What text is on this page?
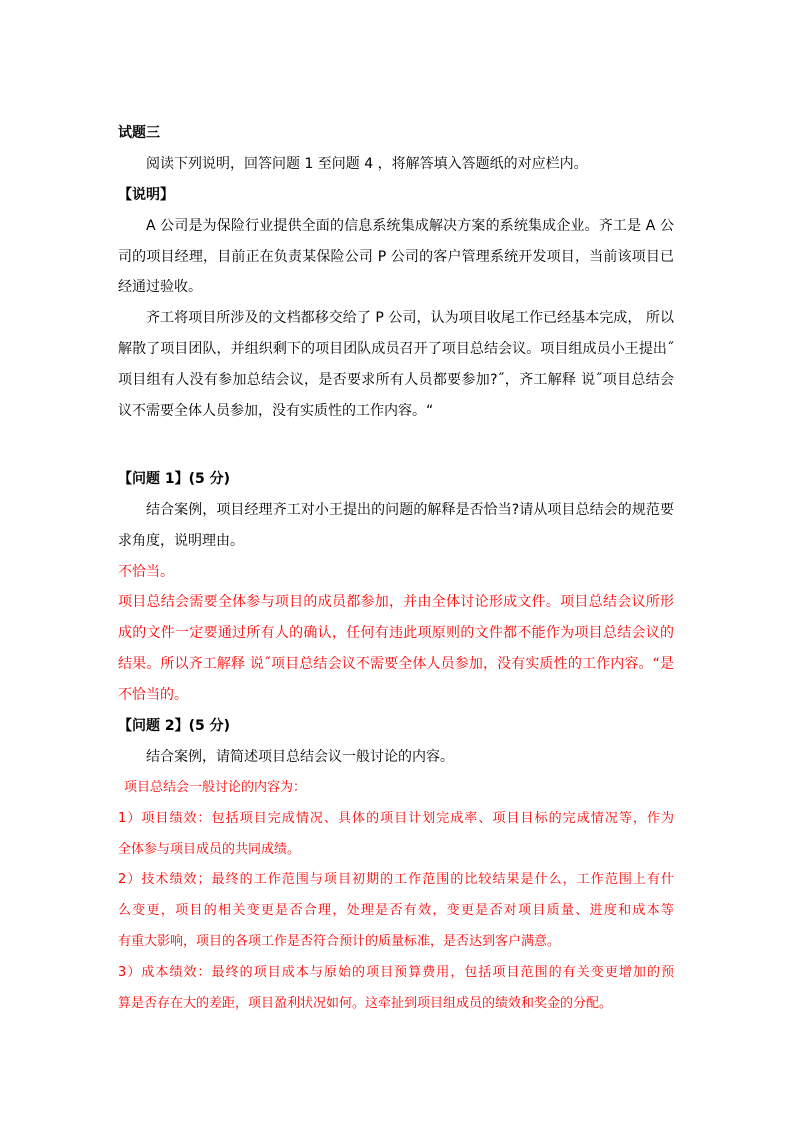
试题三
阅读下列说明，回答问题 1 至问题 4 ，将解答填入答题纸的对应栏内。
【说明】
A 公司是为保险行业提供全面的信息系统集成解决方案的系统集成企业。齐工是 A 公
司的项目经理，目前正在负责某保险公司 P 公司的客户管理系统开发项目，当前该项目已
经通过验收。
齐工将项目所涉及的文档都移交给了 P 公司，认为项目收尾工作已经基本完成， 所以
解散了项目团队，并组织剩下的项目团队成员召开了项目总结会议。项目组成员小王提出˝
项目组有人没有参加总结会议，是否要求所有人员都要参加?˝，齐工解释 说˝项目总结会
议不需要全体人员参加，没有实质性的工作内容。“
【问题 1】(5 分)
结合案例，项目经理齐工对小王提出的问题的解释是否恰当?请从项目总结会的规范要
求角度，说明理由。
不恰当。
项目总结会需要全体参与项目的成员都参加，并由全体讨论形成文件。项目总结会议所形
成的文件一定要通过所有人的确认，任何有违此项原则的文件都不能作为项目总结会议的
结果。所以齐工解释 说˝项目总结会议不需要全体人员参加，没有实质性的工作内容。“是
不恰当的。
【问题 2】(5 分)
结合案例，请简述项目总结会议一般讨论的内容。
项目总结会一般讨论的内容为：
1）项目绩效：包括项目完成情况、具体的项目计划完成率、项目目标的完成情况等，作为
全体参与项目成员的共同成绩。
2）技术绩效；最终的工作范围与项目初期的工作范围的比较结果是什么，工作范围上有什
么变更，项目的相关变更是否合理，处理是否有效，变更是否对项目质量、进度和成本等
有重大影响，项目的各项工作是否符合预计的质量标准，是否达到客户满意。
3）成本绩效：最终的项目成本与原始的项目预算费用，包括项目范围的有关变更增加的预
算是否存在大的差距，项目盈利状况如何。这牵扯到项目组成员的绩效和奖金的分配。
